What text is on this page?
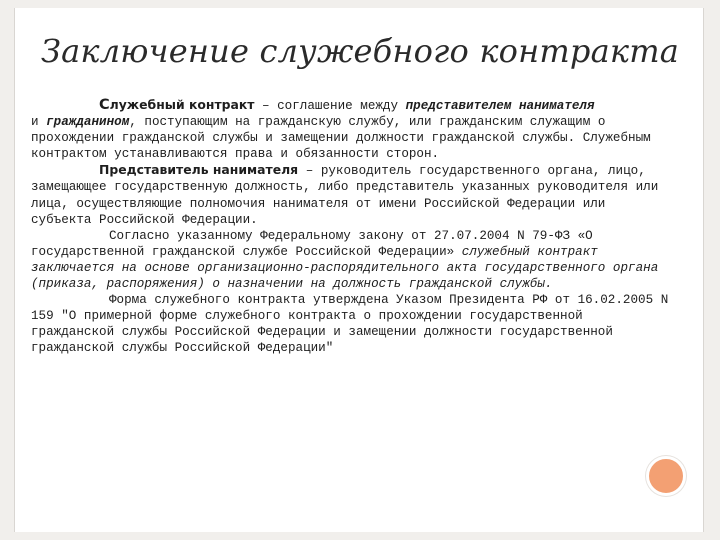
Заключение служебного контракта

Служебный контракт – соглашение между представителем нанимателя
и гражданином, поступающим на гражданскую службу, или гражданским служащим о прохождении гражданской службы и замещении должности гражданской службы. Служебным контрактом устанавливаются права и обязанности сторон.

Представитель нанимателя – руководитель государственного органа, лицо, замещающее государственную должность, либо представитель указанных руководителя или лица, осуществляющие полномочия нанимателя от имени Российской Федерации или субъекта Российской Федерации.

Согласно указанному Федеральному закону от 27.07.2004 N 79-ФЗ «О государственной гражданской службе Российской Федерации» служебный контракт заключается на основе организационно-распорядительного акта государственного органа (приказа, распоряжения) о назначении на должность гражданской службы.

Форма служебного контракта утверждена Указом Президента РФ от 16.02.2005 N 159 "О примерной форме служебного контракта о прохождении государственной гражданской службы Российской Федерации и замещении должности государственной гражданской службы Российской Федерации"
